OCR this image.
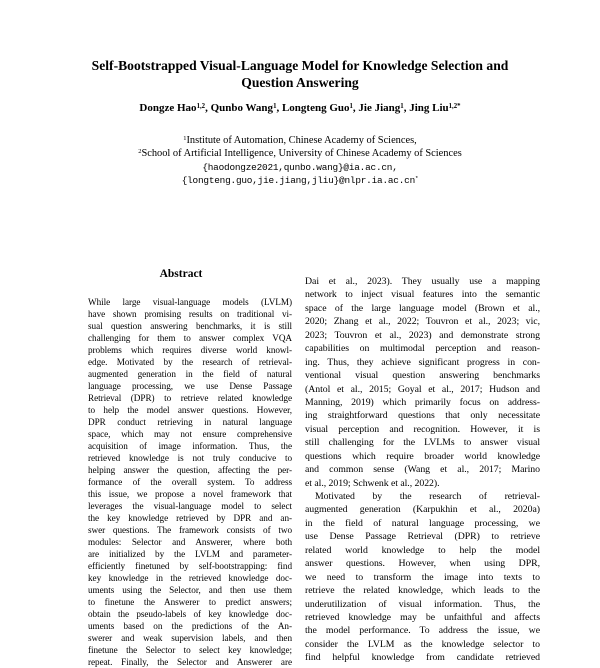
Self-Bootstrapped Visual-Language Model for Knowledge Selection and
Question Answering
Dongze Hao$^{1,2}$, Qunbo Wang$^1$, Longteng Guo$^1$, Jie Jiang$^1$, Jing Liu$^{1,2*}$
$^1$Institute of Automation, Chinese Academy of Sciences,
$^2$School of Artificial Intelligence, University of Chinese Academy of Sciences
{haodongze2021,qunbo.wang}@ia.ac.cn,
{longteng.guo,jie.jiang,jliu}@nlpr.ia.ac.cn*
Abstract
While large visual-language models (LVLM)
have shown promising results on traditional vi-
sual question answering benchmarks, it is still
challenging for them to answer complex VQA
problems which requires diverse world knowl-
edge. Motivated by the research of retrieval-
augmented generation in the field of natural
language processing, we use Dense Passage
Retrieval (DPR) to retrieve related knowledge
to help the model answer questions. However,
DPR conduct retrieving in natural language
space, which may not ensure comprehensive
acquisition of image information. Thus, the
retrieved knowledge is not truly conducive to
helping answer the question, affecting the per-
formance of the overall system. To address
this issue, we propose a novel framework that
leverages the visual-language model to select
the key knowledge retrieved by DPR and an-
swer questions. The framework consists of two
modules: Selector and Answerer, where both
are initialized by the LVLM and parameter-
efficiently finetuned by self-bootstrapping: find
key knowledge in the retrieved knowledge doc-
uments using the Selector, and then use them
to finetune the Answerer to predict answers;
obtain the pseudo-labels of key knowledge doc-
uments based on the predictions of the An-
swerer and weak supervision labels, and then
finetune the Selector to select key knowledge;
repeat. Finally, the Selector and Answerer are
Dai et al., 2023). They usually use a mapping
network to inject visual features into the semantic
space of the large language model (Brown et al.,
2020; Zhang et al., 2022; Touvron et al., 2023; vic,
2023; Touvron et al., 2023) and demonstrate strong
capabilities on multimodal perception and reason-
ing. Thus, they achieve significant progress in con-
ventional visual question answering benchmarks
(Antol et al., 2015; Goyal et al., 2017; Hudson and
Manning, 2019) which primarily focus on address-
ing straightforward questions that only necessitate
visual perception and recognition. However, it is
still challenging for the LVLMs to answer visual
questions which require broader world knowledge
and common sense (Wang et al., 2017; Marino
et al., 2019; Schwenk et al., 2022).
Motivated by the research of retrieval-
augmented generation (Karpukhin et al., 2020a)
in the field of natural language processing, we
use Dense Passage Retrieval (DPR) to retrieve
related world knowledge to help the model
answer questions. However, when using DPR,
we need to transform the image into texts to
retrieve the related knowledge, which leads to the
underutilization of visual information. Thus, the
retrieved knowledge may be unfaithful and affects
the model performance. To address the issue, we
consider the LVLM as the knowledge selector to
find helpful knowledge from candidate retrieved
